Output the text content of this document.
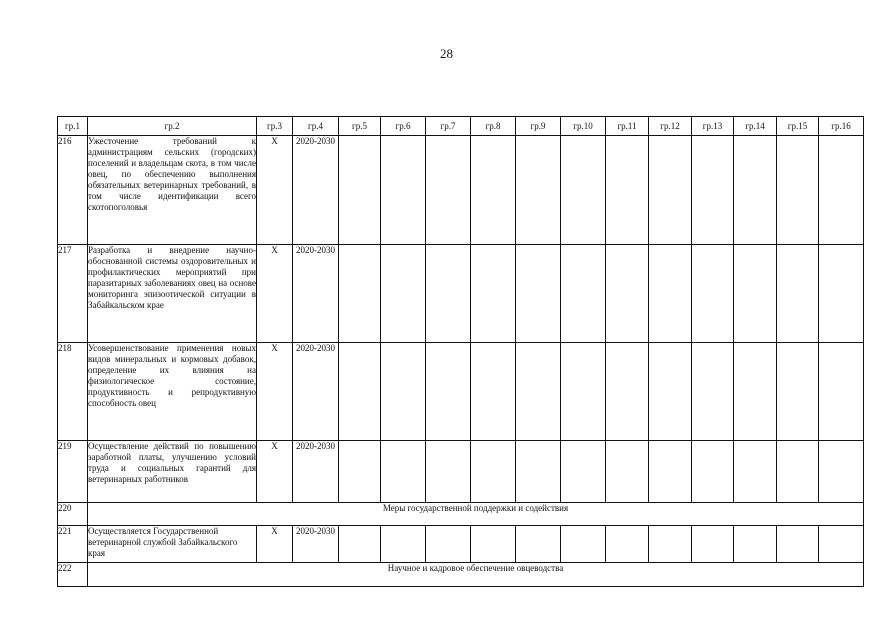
28
гр.1	гр.2	гр.3	гр.4	гр.5	гр.6	гр.7	гр.8	гр.9	гр.10	гр.11	гр.12	гр.13	гр.14	гр.15	гр.16
216	Ужесточение требований к администрациям сельских (городских) поселений и владельцам скота, в том числе овец, по обеспечению выполнения обязательных ветеринарных требований, в том числе идентификации всего скотопоголовья	X	2020-2030												
217	Разработка и внедрение научно-обоснованной системы оздоровительных и профилактических мероприятий при паразитарных заболеваниях овец на основе мониторинга эпизоотической ситуации в Забайкальском крае	X	2020-2030												
218	Усовершенствование применения новых видов минеральных и кормовых добавок, определение их влияния на физиологическое состояние, продуктивность и репродуктивную способность овец	X	2020-2030												
219	Осуществление действий по повышению заработной платы, улучшению условий труда и социальных гарантий для ветеринарных работников	X	2020-2030												
220	Меры государственной поддержки и содействия														
221	Осуществляется Государственной ветеринарной службой Забайкальского края	X	2020-2030												
222	Научное и кадровое обеспечение овцеводства														
